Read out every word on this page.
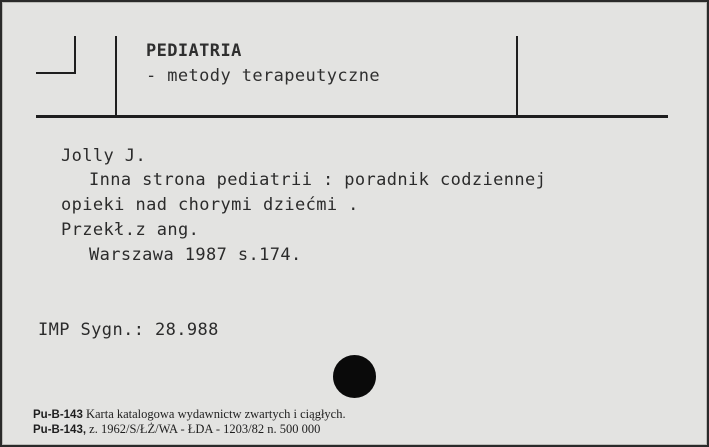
PEDIATRIA
- metody terapeutyczne
Jolly J.
Inna strona pediatrii : poradnik codziennej
opieki nad chorymi dziećmi .
Przekł.z ang.
Warszawa 1987 s.174.
IMP Sygn.: 28.988
Pu-B-143 Karta katalogowa wydawnictw zwartych i ciągłych.
Pu-B-143, z. 1962/S/ŁŻ/WA - ŁDA - 1203/82 n. 500 000
